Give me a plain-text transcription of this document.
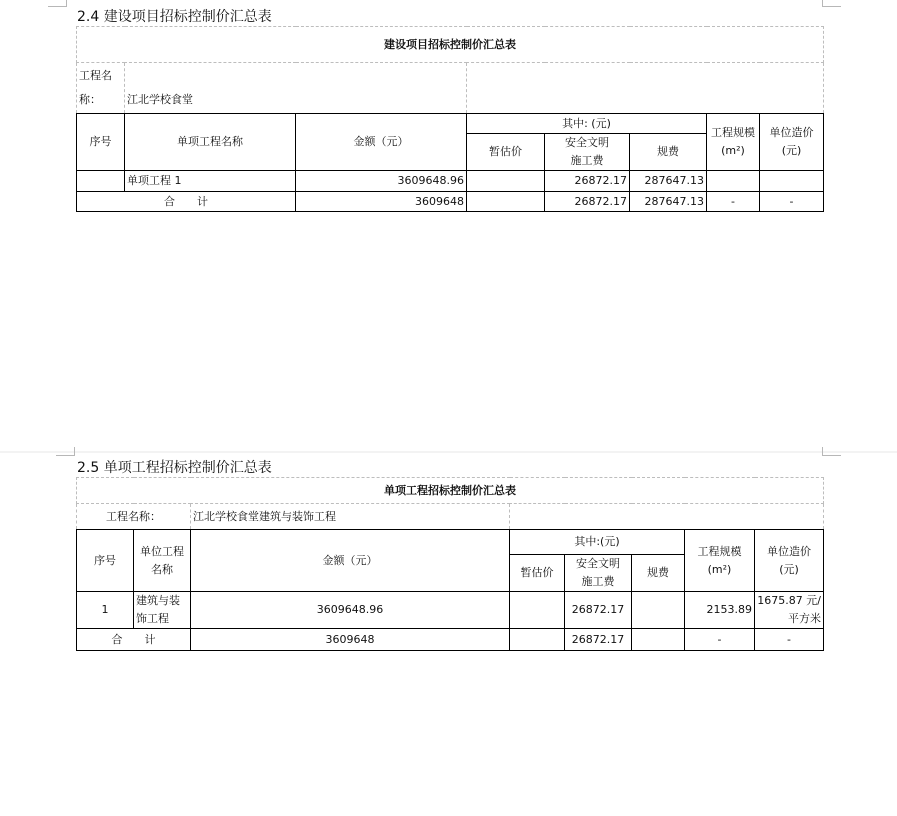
2.4 建设项目招标控制价汇总表
建设项目招标控制价汇总表							

工程名
称：	江北学校食堂						
序号	单项工程名称	金额（元）	其中: (元)			工程规模
(m²)	单位造价
(元)

			暂估价	安全文明
施工费	规费		
	单项工程 1	3609648.96		26872.17	287647.13		
合　　计		3609648		26872.17	287647.13	-	-
2.5 单项工程招标控制价汇总表
单项工程招标控制价汇总表							
工程名称：		江北学校食堂建筑与装饰工程					
序号	单位工程
名称	金额（元）	其中:(元)			工程规模
(m²)	单位造价
(元)

			暂估价	安全文明
施工费	规费		
1	建筑与装
饰工程	3609648.96		26872.17		2153.89	1675.87 元/
平方米

合　　计		3609648		26872.17		-	-
